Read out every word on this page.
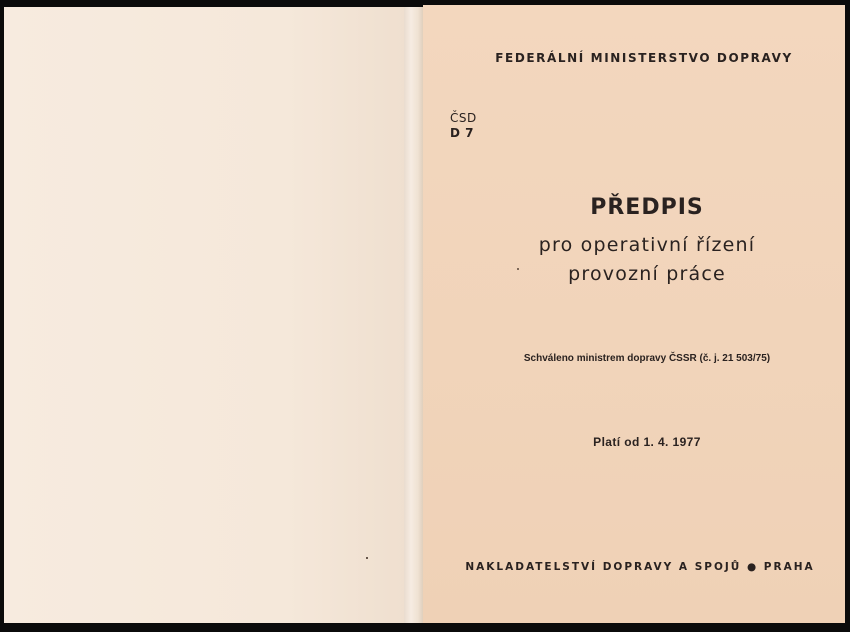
FEDERÁLNÍ MINISTERSTVO DOPRAVY
ČSD
D 7
PŘEDPIS
pro operativní řízení
provozní práce
Schváleno ministrem dopravy ČSSR (č. j. 21 503/75)
Platí od 1. 4. 1977
NAKLADATELSTVÍ DOPRAVY A SPOJŮ ● PRAHA
